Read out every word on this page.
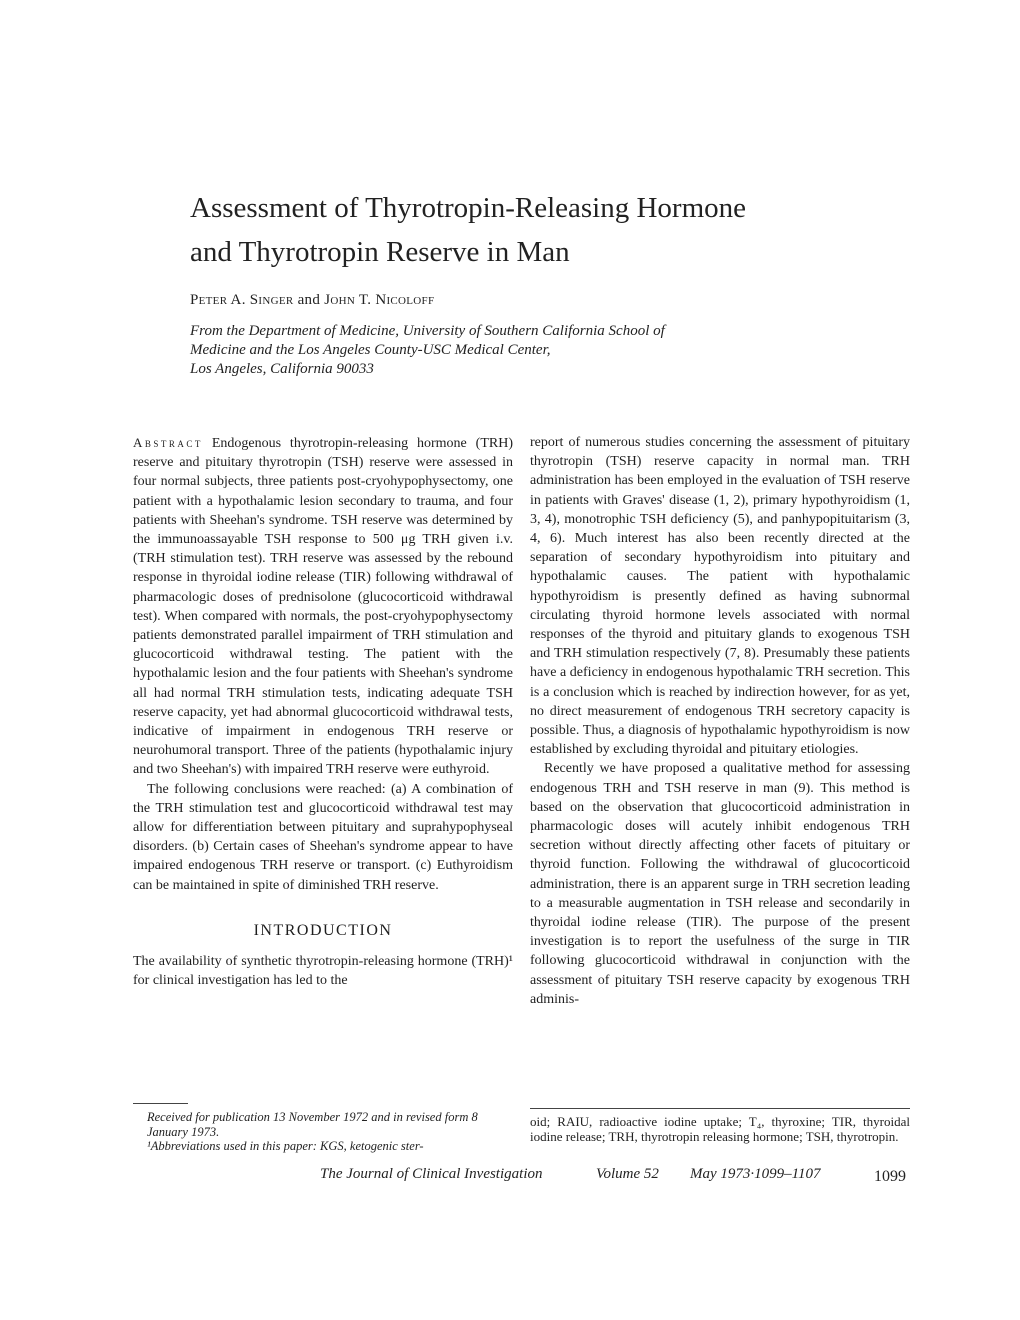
Assessment of Thyrotropin-Releasing Hormone
and Thyrotropin Reserve in Man
Peter A. Singer and John T. Nicoloff
From the Department of Medicine, University of Southern California School of
Medicine and the Los Angeles County-USC Medical Center,
Los Angeles, California 90033

Abstract Endogenous thyrotropin-releasing hormone (TRH) reserve and pituitary thyrotropin (TSH) reserve were assessed in four normal subjects, three patients post-cryohypophysectomy, one patient with a hypothalamic lesion secondary to trauma, and four patients with Sheehan's syndrome. TSH reserve was determined by the immunoassayable TSH response to 500 μg TRH given i.v. (TRH stimulation test). TRH reserve was assessed by the rebound response in thyroidal iodine release (TIR) following withdrawal of pharmacologic doses of prednisolone (glucocorticoid withdrawal test). When compared with normals, the post-cryohypophysectomy patients demonstrated parallel impairment of TRH stimulation and glucocorticoid withdrawal testing. The patient with the hypothalamic lesion and the four patients with Sheehan's syndrome all had normal TRH stimulation tests, indicating adequate TSH reserve capacity, yet had abnormal glucocorticoid withdrawal tests, indicative of impairment in endogenous TRH reserve or neurohumoral transport. Three of the patients (hypothalamic injury and two Sheehan's) with impaired TRH reserve were euthyroid.

The following conclusions were reached: (a) A combination of the TRH stimulation test and glucocorticoid withdrawal test may allow for differentiation between pituitary and suprahypophyseal disorders. (b) Certain cases of Sheehan's syndrome appear to have impaired endogenous TRH reserve or transport. (c) Euthyroidism can be maintained in spite of diminished TRH reserve.

INTRODUCTION

The availability of synthetic thyrotropin-releasing hormone (TRH)¹ for clinical investigation has led to the

report of numerous studies concerning the assessment of pituitary thyrotropin (TSH) reserve capacity in normal man. TRH administration has been employed in the evaluation of TSH reserve in patients with Graves' disease (1, 2), primary hypothyroidism (1, 3, 4), monotrophic TSH deficiency (5), and panhypopituitarism (3, 4, 6). Much interest has also been recently directed at the separation of secondary hypothyroidism into pituitary and hypothalamic causes. The patient with hypothalamic hypothyroidism is presently defined as having subnormal circulating thyroid hormone levels associated with normal responses of the thyroid and pituitary glands to exogenous TSH and TRH stimulation respectively (7, 8). Presumably these patients have a deficiency in endogenous hypothalamic TRH secretion. This is a conclusion which is reached by indirection however, for as yet, no direct measurement of endogenous TRH secretory capacity is possible. Thus, a diagnosis of hypothalamic hypothyroidism is now established by excluding thyroidal and pituitary etiologies.

Recently we have proposed a qualitative method for assessing endogenous TRH and TSH reserve in man (9). This method is based on the observation that glucocorticoid administration in pharmacologic doses will acutely inhibit endogenous TRH secretion without directly affecting other facets of pituitary or thyroid function. Following the withdrawal of glucocorticoid administration, there is an apparent surge in TRH secretion leading to a measurable augmentation in TSH release and secondarily in thyroidal iodine release (TIR). The purpose of the present investigation is to report the usefulness of the surge in TIR following glucocorticoid withdrawal in conjunction with the assessment of pituitary TSH reserve capacity by exogenous TRH adminis-

Received for publication 13 November 1972 and in revised form 8 January 1973.

¹Abbreviations used in this paper: KGS, ketogenic ster-

oid; RAIU, radioactive iodine uptake; T₄, thyroxine; TIR, thyroidal iodine release; TRH, thyrotropin releasing hormone; TSH, thyrotropin.
The Journal of Clinical Investigation	Volume 52 May 1973·1099–1107	1099
